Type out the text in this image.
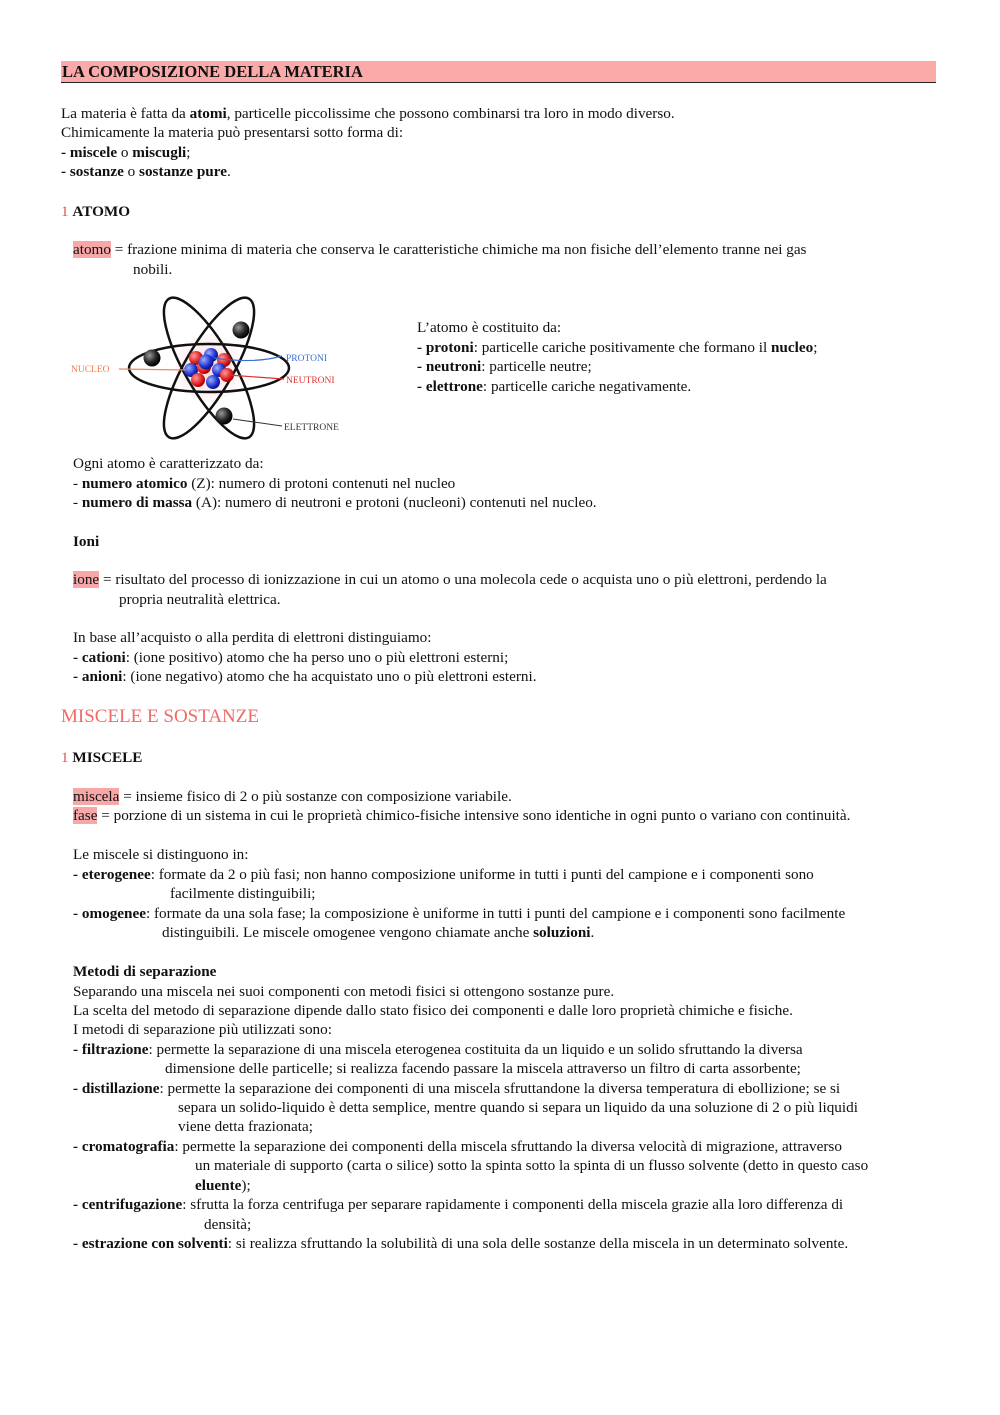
LA COMPOSIZIONE DELLA MATERIA
La materia è fatta da atomi, particelle piccolissime che possono combinarsi tra loro in modo diverso.
Chimicamente la materia può presentarsi sotto forma di:
- miscele o miscugli;
- sostanze o sostanze pure.
1 ATOMO
atomo = frazione minima di materia che conserva le caratteristiche chimiche ma non fisiche dell’elemento tranne nei gas
nobili.
NUCLEO
PROTONI
NEUTRONI
ELETTRONE
L’atomo è costituito da:
- protoni: particelle cariche positivamente che formano il nucleo;
- neutroni: particelle neutre;
- elettrone: particelle cariche negativamente.
Ogni atomo è caratterizzato da:
- numero atomico (Z): numero di protoni contenuti nel nucleo
- numero di massa (A): numero di neutroni e protoni (nucleoni) contenuti nel nucleo.
Ioni
ione = risultato del processo di ionizzazione in cui un atomo o una molecola cede o acquista uno o più elettroni, perdendo la
propria neutralità elettrica.
In base all’acquisto o alla perdita di elettroni distinguiamo:
- cationi: (ione positivo) atomo che ha perso uno o più elettroni esterni;
- anioni: (ione negativo) atomo che ha acquistato uno o più elettroni esterni.
MISCELE E SOSTANZE
1 MISCELE
miscela = insieme fisico di 2 o più sostanze con composizione variabile.
fase = porzione di un sistema in cui le proprietà chimico-fisiche intensive sono identiche in ogni punto o variano con continuità.
Le miscele si distinguono in:
- eterogenee: formate da 2 o più fasi; non hanno composizione uniforme in tutti i punti del campione e i componenti sono
facilmente distinguibili;
- omogenee: formate da una sola fase; la composizione è uniforme in tutti i punti del campione e i componenti sono facilmente
distinguibili. Le miscele omogenee vengono chiamate anche soluzioni.
Metodi di separazione
Separando una miscela nei suoi componenti con metodi fisici si ottengono sostanze pure.
La scelta del metodo di separazione dipende dallo stato fisico dei componenti e dalle loro proprietà chimiche e fisiche.
I metodi di separazione più utilizzati sono:
- filtrazione: permette la separazione di una miscela eterogenea costituita da un liquido e un solido sfruttando la diversa
dimensione delle particelle; si realizza facendo passare la miscela attraverso un filtro di carta assorbente;
- distillazione: permette la separazione dei componenti di una miscela sfruttandone la diversa temperatura di ebollizione; se si
separa un solido-liquido è detta semplice, mentre quando si separa un liquido da una soluzione di 2 o più liquidi
viene detta frazionata;
- cromatografia: permette la separazione dei componenti della miscela sfruttando la diversa velocità di migrazione, attraverso
un materiale di supporto (carta o silice) sotto la spinta sotto la spinta di un flusso solvente (detto in questo caso
eluente);
- centrifugazione: sfrutta la forza centrifuga per separare rapidamente i componenti della miscela grazie alla loro differenza di
densità;
- estrazione con solventi: si realizza sfruttando la solubilità di una sola delle sostanze della miscela in un determinato solvente.
